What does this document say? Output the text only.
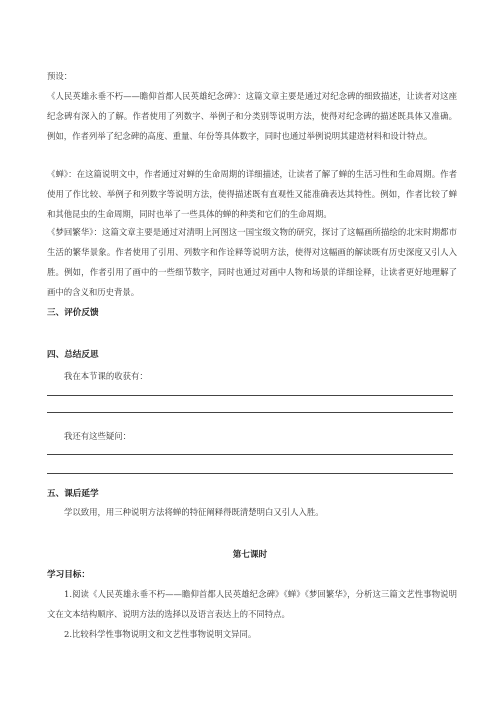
预设：

《人民英雄永垂不朽——瞻仰首都人民英雄纪念碑》：这篇文章主要是通过对纪念碑的细致描述，让读者对这座纪念碑有深入的了解。作者使用了列数字、举例子和分类别等说明方法，使得对纪念碑的描述既具体又准确。例如，作者列举了纪念碑的高度、重量、年份等具体数字，同时也通过举例说明其建造材料和设计特点。

《蝉》：在这篇说明文中，作者通过对蝉的生命周期的详细描述，让读者了解了蝉的生活习性和生命周期。作者使用了作比较、举例子和列数字等说明方法，使得描述既有直观性又能准确表达其特性。例如，作者比较了蝉和其他昆虫的生命周期，同时也举了一些具体的蝉的种类和它们的生命周期。

《梦回繁华》：这篇文章主要是通过对清明上河图这一国宝级文物的研究，探讨了这幅画所描绘的北宋时期都市生活的繁华景象。作者使用了引用、列数字和作诠释等说明方法，使得对这幅画的解读既有历史深度又引人入胜。例如，作者引用了画中的一些细节数字，同时也通过对画中人物和场景的详细诠释，让读者更好地理解了画中的含义和历史背景。

三、评价反馈
四、总结反思

我在本节课的收获有：

我还有这些疑问：

五、课后延学

学以致用，用三种说明方法将蝉的特征阐释得既清楚明白又引人入胜。

第七课时
学习目标：

1.阅读《人民英雄永垂不朽——瞻仰首都人民英雄纪念碑》《蝉》《梦回繁华》，分析这三篇文艺性事物说明文在文本结构顺序、说明方法的选择以及语言表达上的不同特点。

2.比较科学性事物说明文和文艺性事物说明文异同。
